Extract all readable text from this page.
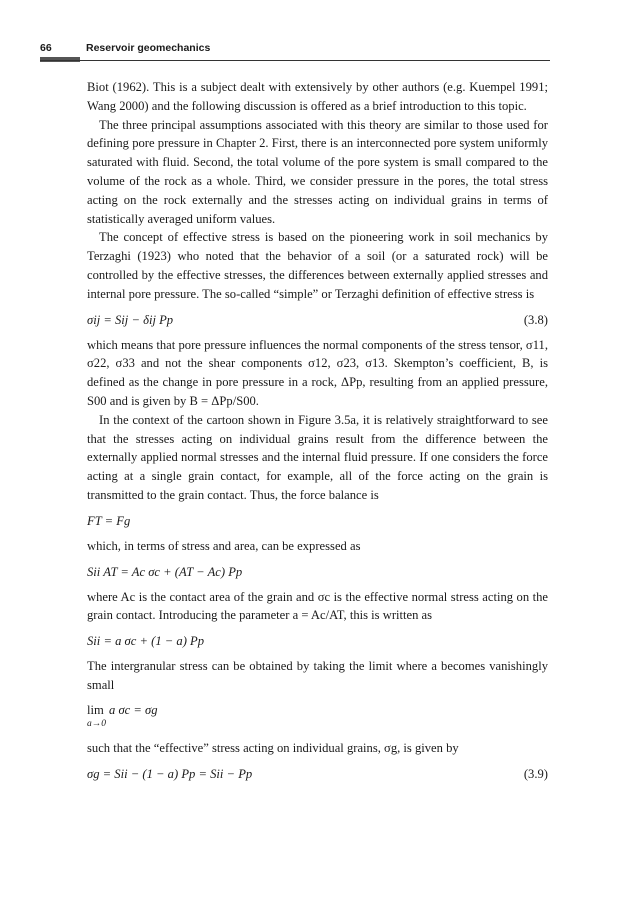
66	Reservoir geomechanics

Biot (1962). This is a subject dealt with extensively by other authors (e.g. Kuempel 1991; Wang 2000) and the following discussion is offered as a brief introduction to this topic.

The three principal assumptions associated with this theory are similar to those used for defining pore pressure in Chapter 2. First, there is an interconnected pore system uniformly saturated with fluid. Second, the total volume of the pore system is small compared to the volume of the rock as a whole. Third, we consider pressure in the pores, the total stress acting on the rock externally and the stresses acting on individual grains in terms of statistically averaged uniform values.

The concept of effective stress is based on the pioneering work in soil mechanics by Terzaghi (1923) who noted that the behavior of a soil (or a saturated rock) will be controlled by the effective stresses, the differences between externally applied stresses and internal pore pressure. The so-called “simple” or Terzaghi definition of effective stress is

σij = Sij − δij Pp	(3.8)

which means that pore pressure influences the normal components of the stress tensor, σ11, σ22, σ33 and not the shear components σ12, σ23, σ13. Skempton’s coefficient, B, is defined as the change in pore pressure in a rock, ΔPp, resulting from an applied pressure, S00 and is given by B = ΔPp/S00.

In the context of the cartoon shown in Figure 3.5a, it is relatively straightforward to see that the stresses acting on individual grains result from the difference between the externally applied normal stresses and the internal fluid pressure. If one considers the force acting at a single grain contact, for example, all of the force acting on the grain is transmitted to the grain contact. Thus, the force balance is

FT = Fg

which, in terms of stress and area, can be expressed as

Sii AT = Ac σc + (AT − Ac) Pp

where Ac is the contact area of the grain and σc is the effective normal stress acting on the grain contact. Introducing the parameter a = Ac/AT, this is written as

Sii = a σc + (1 − a) Pp

The intergranular stress can be obtained by taking the limit where a becomes vanishingly small

lim
a→0
a σc = σg

such that the “effective” stress acting on individual grains, σg, is given by

σg = Sii − (1 − a) Pp = Sii − Pp	(3.9)
